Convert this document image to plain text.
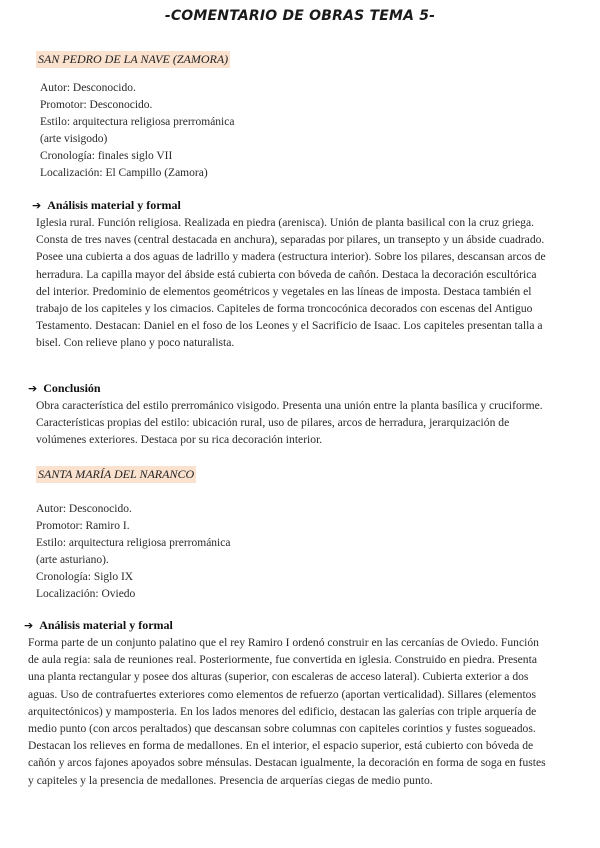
-COMENTARIO DE OBRAS TEMA 5-
SAN PEDRO DE LA NAVE (ZAMORA)
Autor: Desconocido.
Promotor: Desconocido.
Estilo: arquitectura religiosa prerrománica
(arte visigodo)
Cronología: finales siglo VII
Localización: El Campillo (Zamora)
➔ Análisis material y formal
Iglesia rural. Función religiosa. Realizada en piedra (arenisca). Unión de planta basilical con la cruz griega. Consta de tres naves (central destacada en anchura), separadas por pilares, un transepto y un ábside cuadrado. Posee una cubierta a dos aguas de ladrillo y madera (estructura interior). Sobre los pilares, descansan arcos de herradura. La capilla mayor del ábside está cubierta con bóveda de cañón. Destaca la decoración escultórica del interior. Predominio de elementos geométricos y vegetales en las líneas de imposta. Destaca también el trabajo de los capiteles y los cimacios. Capiteles de forma troncocónica decorados con escenas del Antiguo Testamento. Destacan: Daniel en el foso de los Leones y el Sacrificio de Isaac. Los capiteles presentan talla a bisel. Con relieve plano y poco naturalista.
➔ Conclusión
Obra característica del estilo prerrománico visigodo. Presenta una unión entre la planta basílica y cruciforme. Características propias del estilo: ubicación rural, uso de pilares, arcos de herradura, jerarquización de volúmenes exteriores. Destaca por su rica decoración interior.
SANTA MARÍA DEL NARANCO
Autor: Desconocido.
Promotor: Ramiro I.
Estilo: arquitectura religiosa prerrománica
(arte asturiano).
Cronología: Siglo IX
Localización: Oviedo
➔ Análisis material y formal
Forma parte de un conjunto palatino que el rey Ramiro I ordenó construir en las cercanías de Oviedo. Función de aula regia: sala de reuniones real. Posteriormente, fue convertida en iglesia. Construido en piedra. Presenta una planta rectangular y posee dos alturas (superior, con escaleras de acceso lateral). Cubierta exterior a dos aguas. Uso de contrafuertes exteriores como elementos de refuerzo (aportan verticalidad). Sillares (elementos arquitectónicos) y mamposteria. En los lados menores del edificio, destacan las galerías con triple arquería de medio punto (con arcos peraltados) que descansan sobre columnas con capiteles corintios y fustes sogueados. Destacan los relieves en forma de medallones. En el interior, el espacio superior, está cubierto con bóveda de cañón y arcos fajones apoyados sobre ménsulas. Destacan igualmente, la decoración en forma de soga en fustes y capiteles y la presencia de medallones. Presencia de arquerías ciegas de medio punto.
